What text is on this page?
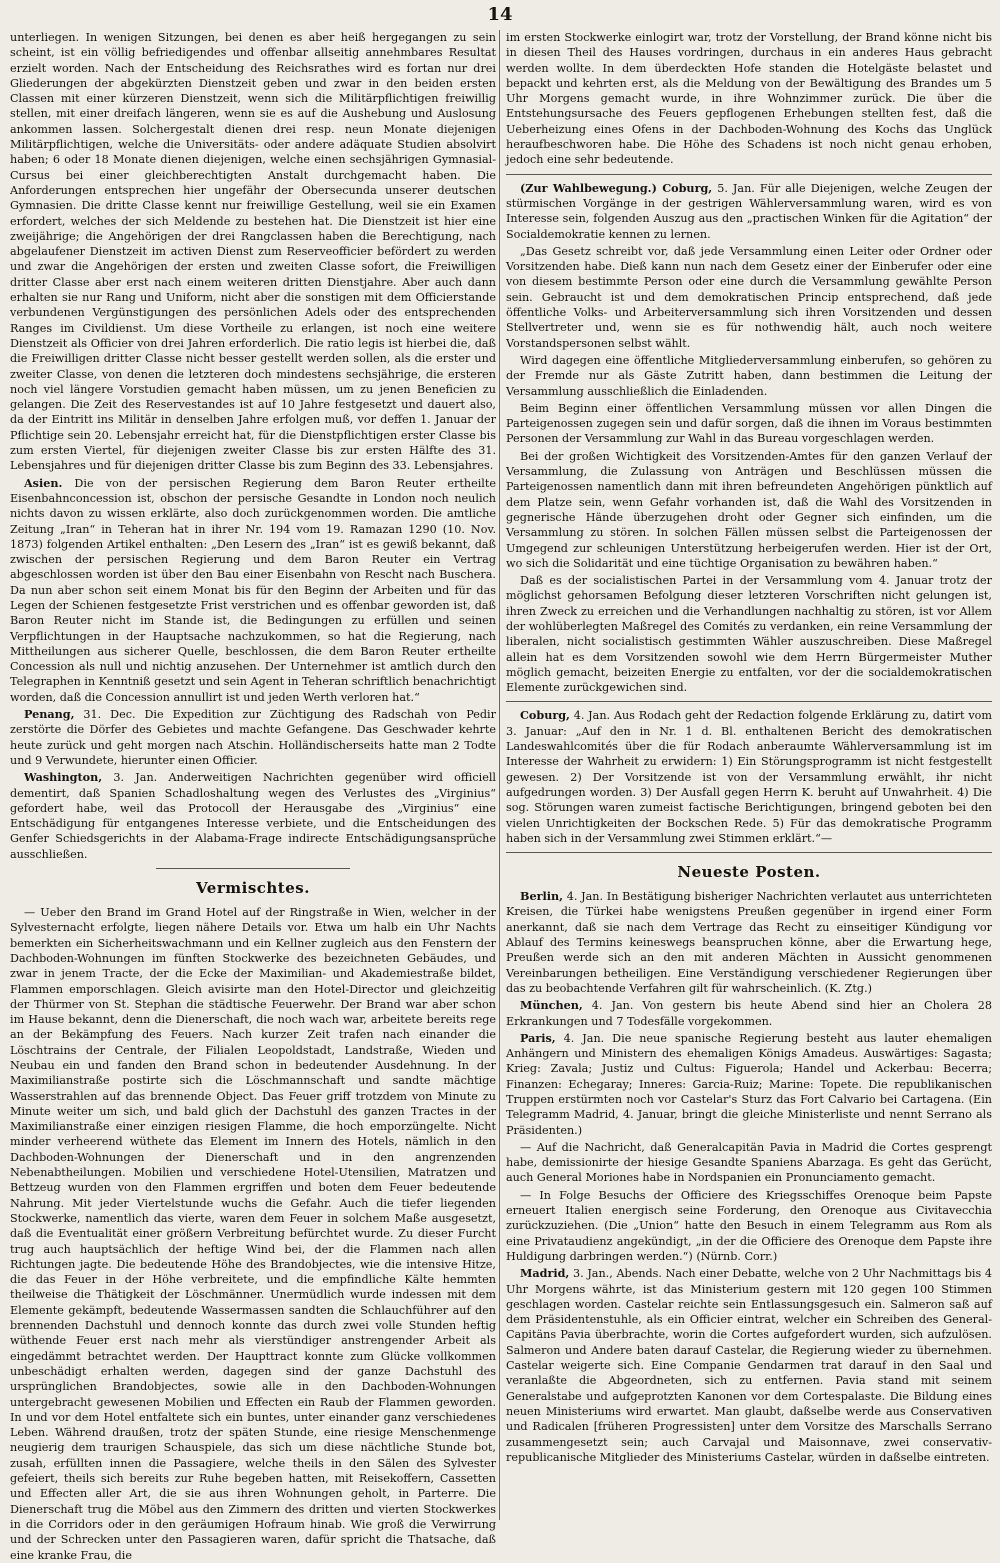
14

unterliegen. In wenigen Sitzungen, bei denen es aber heiß hergegangen zu sein scheint, ist ein völlig befriedigendes und offenbar allseitig annehmbares Resultat erzielt worden. Nach der Entscheidung des Reichsrathes wird es fortan nur drei Gliederungen der abgekürzten Dienstzeit geben und zwar in den beiden ersten Classen mit einer kürzeren Dienstzeit, wenn sich die Militärpflichtigen freiwillig stellen, mit einer dreifach längeren, wenn sie es auf die Aushebung und Auslosung ankommen lassen. Solchergestalt dienen drei resp. neun Monate diejenigen Militärpflichtigen, welche die Universitäts- oder andere adäquate Studien absolvirt haben; 6 oder 18 Monate dienen diejenigen, welche einen sechsjährigen Gymnasial-Cursus bei einer gleichberechtigten Anstalt durchgemacht haben. Die Anforderungen entsprechen hier ungefähr der Obersecunda unserer deutschen Gymnasien. Die dritte Classe kennt nur freiwillige Gestellung, weil sie ein Examen erfordert, welches der sich Meldende zu bestehen hat. Die Dienstzeit ist hier eine zweijährige; die Angehörigen der drei Rangclassen haben die Berechtigung, nach abgelaufener Dienstzeit im activen Dienst zum Reserveofficier befördert zu werden und zwar die Angehörigen der ersten und zweiten Classe sofort, die Freiwilligen dritter Classe aber erst nach einem weiteren dritten Dienstjahre. Aber auch dann erhalten sie nur Rang und Uniform, nicht aber die sonstigen mit dem Officierstande verbundenen Vergünstigungen des persönlichen Adels oder des entsprechenden Ranges im Civildienst. Um diese Vortheile zu erlangen, ist noch eine weitere Dienstzeit als Officier von drei Jahren erforderlich. Die ratio legis ist hierbei die, daß die Freiwilligen dritter Classe nicht besser gestellt werden sollen, als die erster und zweiter Classe, von denen die letzteren doch mindestens sechsjährige, die ersteren noch viel längere Vorstudien gemacht haben müssen, um zu jenen Beneficien zu gelangen. Die Zeit des Reservestandes ist auf 10 Jahre festgesetzt und dauert also, da der Eintritt ins Militär in denselben Jahre erfolgen muß, vor deffen 1. Januar der Pflichtige sein 20. Lebensjahr erreicht hat, für die Dienstpflichtigen erster Classe bis zum ersten Viertel, für diejenigen zweiter Classe bis zur ersten Hälfte des 31. Lebensjahres und für diejenigen dritter Classe bis zum Beginn des 33. Lebensjahres.

Asien. Die von der persischen Regierung dem Baron Reuter ertheilte Eisenbahnconcession ist, obschon der persische Gesandte in London noch neulich nichts davon zu wissen erklärte, also doch zurückgenommen worden. Die amtliche Zeitung „Iran“ in Teheran hat in ihrer Nr. 194 vom 19. Ramazan 1290 (10. Nov. 1873) folgenden Artikel enthalten: „Den Lesern des „Iran“ ist es gewiß bekannt, daß zwischen der persischen Regierung und dem Baron Reuter ein Vertrag abgeschlossen worden ist über den Bau einer Eisenbahn von Rescht nach Buschera. Da nun aber schon seit einem Monat bis für den Beginn der Arbeiten und für das Legen der Schienen festgesetzte Frist verstrichen und es offenbar geworden ist, daß Baron Reuter nicht im Stande ist, die Bedingungen zu erfüllen und seinen Verpflichtungen in der Hauptsache nachzukommen, so hat die Regierung, nach Mittheilungen aus sicherer Quelle, beschlossen, die dem Baron Reuter ertheilte Concession als null und nichtig anzusehen. Der Unternehmer ist amtlich durch den Telegraphen in Kenntniß gesetzt und sein Agent in Teheran schriftlich benachrichtigt worden, daß die Concession annullirt ist und jeden Werth verloren hat.“

Penang, 31. Dec. Die Expedition zur Züchtigung des Radschah von Pedir zerstörte die Dörfer des Gebietes und machte Gefangene. Das Geschwader kehrte heute zurück und geht morgen nach Atschin. Holländischerseits hatte man 2 Todte und 9 Verwundete, hierunter einen Officier.

Washington, 3. Jan. Anderweitigen Nachrichten gegenüber wird officiell dementirt, daß Spanien Schadloshaltung wegen des Verlustes des „Virginius“ gefordert habe, weil das Protocoll der Herausgabe des „Virginius“ eine Entschädigung für entgangenes Interesse verbiete, und die Entscheidungen des Genfer Schiedsgerichts in der Alabama-Frage indirecte Entschädigungsansprüche ausschließen.

Vermischtes.

— Ueber den Brand im Grand Hotel auf der Ringstraße in Wien, welcher in der Sylvesternacht erfolgte, liegen nähere Details vor. Etwa um halb ein Uhr Nachts bemerkten ein Sicherheitswachmann und ein Kellner zugleich aus den Fenstern der Dachboden-Wohnungen im fünften Stockwerke des bezeichneten Gebäudes, und zwar in jenem Tracte, der die Ecke der Maximilian- und Akademiestraße bildet, Flammen emporschlagen. Gleich avisirte man den Hotel-Director und gleichzeitig der Thürmer von St. Stephan die städtische Feuerwehr. Der Brand war aber schon im Hause bekannt, denn die Dienerschaft, die noch wach war, arbeitete bereits rege an der Bekämpfung des Feuers. Nach kurzer Zeit trafen nach einander die Löschtrains der Centrale, der Filialen Leopoldstadt, Landstraße, Wieden und Neubau ein und fanden den Brand schon in bedeutender Ausdehnung. In der Maximilianstraße postirte sich die Löschmannschaft und sandte mächtige Wasserstrahlen auf das brennende Object. Das Feuer griff trotzdem von Minute zu Minute weiter um sich, und bald glich der Dachstuhl des ganzen Tractes in der Maximilianstraße einer einzigen riesigen Flamme, die hoch emporzüngelte. Nicht minder verheerend wüthete das Element im Innern des Hotels, nämlich in den Dachboden-Wohnungen der Dienerschaft und in den angrenzenden Nebenabtheilungen. Mobilien und verschiedene Hotel-Utensilien, Matratzen und Bettzeug wurden von den Flammen ergriffen und boten dem Feuer bedeutende Nahrung. Mit jeder Viertelstunde wuchs die Gefahr. Auch die tiefer liegenden Stockwerke, namentlich das vierte, waren dem Feuer in solchem Maße ausgesetzt, daß die Eventualität einer größern Verbreitung befürchtet wurde. Zu dieser Furcht trug auch hauptsächlich der heftige Wind bei, der die Flammen nach allen Richtungen jagte. Die bedeutende Höhe des Brandobjectes, wie die intensive Hitze, die das Feuer in der Höhe verbreitete, und die empfindliche Kälte hemmten theilweise die Thätigkeit der Löschmänner. Unermüdlich wurde indessen mit dem Elemente gekämpft, bedeutende Wassermassen sandten die Schlauchführer auf den brennenden Dachstuhl und dennoch konnte das durch zwei volle Stunden heftig wüthende Feuer erst nach mehr als vierstündiger anstrengender Arbeit als eingedämmt betrachtet werden. Der Haupttract konnte zum Glücke vollkommen unbeschädigt erhalten werden, dagegen sind der ganze Dachstuhl des ursprünglichen Brandobjectes, sowie alle in den Dachboden-Wohnungen untergebracht gewesenen Mobilien und Effecten ein Raub der Flammen geworden. In und vor dem Hotel entfaltete sich ein buntes, unter einander ganz verschiedenes Leben. Während draußen, trotz der späten Stunde, eine riesige Menschenmenge neugierig dem traurigen Schauspiele, das sich um diese nächtliche Stunde bot, zusah, erfüllten innen die Passagiere, welche theils in den Sälen des Sylvester gefeiert, theils sich bereits zur Ruhe begeben hatten, mit Reisekoffern, Cassetten und Effecten aller Art, die sie aus ihren Wohnungen geholt, in Parterre. Die Dienerschaft trug die Möbel aus den Zimmern des dritten und vierten Stockwerkes in die Corridors oder in den geräumigen Hofraum hinab. Wie groß die Verwirrung und der Schrecken unter den Passagieren waren, dafür spricht die Thatsache, daß eine kranke Frau, die

im ersten Stockwerke einlogirt war, trotz der Vorstellung, der Brand könne nicht bis in diesen Theil des Hauses vordringen, durchaus in ein anderes Haus gebracht werden wollte. In dem überdeckten Hofe standen die Hotelgäste belastet und bepackt und kehrten erst, als die Meldung von der Bewältigung des Brandes um 5 Uhr Morgens gemacht wurde, in ihre Wohnzimmer zurück. Die über die Entstehungsursache des Feuers gepflogenen Erhebungen stellten fest, daß die Ueberheizung eines Ofens in der Dachboden-Wohnung des Kochs das Unglück heraufbeschworen habe. Die Höhe des Schadens ist noch nicht genau erhoben, jedoch eine sehr bedeutende.

(Zur Wahlbewegung.) Coburg, 5. Jan. Für alle Diejenigen, welche Zeugen der stürmischen Vorgänge in der gestrigen Wählerversammlung waren, wird es von Interesse sein, folgenden Auszug aus den „practischen Winken für die Agitation“ der Socialdemokratie kennen zu lernen.

„Das Gesetz schreibt vor, daß jede Versammlung einen Leiter oder Ordner oder Vorsitzenden habe. Dieß kann nun nach dem Gesetz einer der Einberufer oder eine von diesem bestimmte Person oder eine durch die Versammlung gewählte Person sein. Gebraucht ist und dem demokratischen Princip entsprechend, daß jede öffentliche Volks- und Arbeiterversammlung sich ihren Vorsitzenden und dessen Stellvertreter und, wenn sie es für nothwendig hält, auch noch weitere Vorstandspersonen selbst wählt.

Wird dagegen eine öffentliche Mitgliederversammlung einberufen, so gehören zu der Fremde nur als Gäste Zutritt haben, dann bestimmen die Leitung der Versammlung ausschließlich die Einladenden.

Beim Beginn einer öffentlichen Versammlung müssen vor allen Dingen die Parteigenossen zugegen sein und dafür sorgen, daß die ihnen im Voraus bestimmten Personen der Versammlung zur Wahl in das Bureau vorgeschlagen werden.

Bei der großen Wichtigkeit des Vorsitzenden-Amtes für den ganzen Verlauf der Versammlung, die Zulassung von Anträgen und Beschlüssen müssen die Parteigenossen namentlich dann mit ihren befreundeten Angehörigen pünktlich auf dem Platze sein, wenn Gefahr vorhanden ist, daß die Wahl des Vorsitzenden in gegnerische Hände überzugehen droht oder Gegner sich einfinden, um die Versammlung zu stören. In solchen Fällen müssen selbst die Parteigenossen der Umgegend zur schleunigen Unterstützung herbeigerufen werden. Hier ist der Ort, wo sich die Solidarität und eine tüchtige Organisation zu bewähren haben.“

Daß es der socialistischen Partei in der Versammlung vom 4. Januar trotz der möglichst gehorsamen Befolgung dieser letzteren Vorschriften nicht gelungen ist, ihren Zweck zu erreichen und die Verhandlungen nachhaltig zu stören, ist vor Allem der wohlüberlegten Maßregel des Comités zu verdanken, ein reine Versammlung der liberalen, nicht socialistisch gestimmten Wähler auszuschreiben. Diese Maßregel allein hat es dem Vorsitzenden sowohl wie dem Herrn Bürgermeister Muther möglich gemacht, beizeiten Energie zu entfalten, vor der die socialdemokratischen Elemente zurückgewichen sind.

Coburg, 4. Jan. Aus Rodach geht der Redaction folgende Erklärung zu, datirt vom 3. Januar: „Auf den in Nr. 1 d. Bl. enthaltenen Bericht des demokratischen Landeswahlcomités über die für Rodach anberaumte Wählerversammlung ist im Interesse der Wahrheit zu erwidern: 1) Ein Störungsprogramm ist nicht festgestellt gewesen. 2) Der Vorsitzende ist von der Versammlung erwählt, ihr nicht aufgedrungen worden. 3) Der Ausfall gegen Herrn K. beruht auf Unwahrheit. 4) Die sog. Störungen waren zumeist factische Berichtigungen, bringend geboten bei den vielen Unrichtigkeiten der Bockschen Rede. 5) Für das demokratische Programm haben sich in der Versammlung zwei Stimmen erklärt.“—

Neueste Posten.

Berlin, 4. Jan. In Bestätigung bisheriger Nachrichten verlautet aus unterrichteten Kreisen, die Türkei habe wenigstens Preußen gegenüber in irgend einer Form anerkannt, daß sie nach dem Vertrage das Recht zu einseitiger Kündigung vor Ablauf des Termins keineswegs beanspruchen könne, aber die Erwartung hege, Preußen werde sich an den mit anderen Mächten in Aussicht genommenen Vereinbarungen betheiligen. Eine Verständigung verschiedener Regierungen über das zu beobachtende Verfahren gilt für wahrscheinlich. (K. Ztg.)

München, 4. Jan. Von gestern bis heute Abend sind hier an Cholera 28 Erkrankungen und 7 Todesfälle vorgekommen.

Paris, 4. Jan. Die neue spanische Regierung besteht aus lauter ehemaligen Anhängern und Ministern des ehemaligen Königs Amadeus. Auswärtiges: Sagasta; Krieg: Zavala; Justiz und Cultus: Figuerola; Handel und Ackerbau: Becerra; Finanzen: Echegaray; Inneres: Garcia-Ruiz; Marine: Topete. Die republikanischen Truppen erstürmten noch vor Castelar's Sturz das Fort Calvario bei Cartagena. (Ein Telegramm Madrid, 4. Januar, bringt die gleiche Ministerliste und nennt Serrano als Präsidenten.)

— Auf die Nachricht, daß Generalcapitän Pavia in Madrid die Cortes gesprengt habe, demissionirte der hiesige Gesandte Spaniens Abarzaga. Es geht das Gerücht, auch General Moriones habe in Nordspanien ein Pronunciamento gemacht.

— In Folge Besuchs der Officiere des Kriegsschiffes Orenoque beim Papste erneuert Italien energisch seine Forderung, den Orenoque aus Civitavecchia zurückzuziehen. (Die „Union“ hatte den Besuch in einem Telegramm aus Rom als eine Privataudienz angekündigt, „in der die Officiere des Orenoque dem Papste ihre Huldigung darbringen werden.“) (Nürnb. Corr.)

Madrid, 3. Jan., Abends. Nach einer Debatte, welche von 2 Uhr Nachmittags bis 4 Uhr Morgens währte, ist das Ministerium gestern mit 120 gegen 100 Stimmen geschlagen worden. Castelar reichte sein Entlassungsgesuch ein. Salmeron saß auf dem Präsidentenstuhle, als ein Officier eintrat, welcher ein Schreiben des General-Capitäns Pavia überbrachte, worin die Cortes aufgefordert wurden, sich aufzulösen. Salmeron und Andere baten darauf Castelar, die Regierung wieder zu übernehmen. Castelar weigerte sich. Eine Companie Gendarmen trat darauf in den Saal und veranlaßte die Abgeordneten, sich zu entfernen. Pavia stand mit seinem Generalstabe und aufgeprotzten Kanonen vor dem Cortespalaste. Die Bildung eines neuen Ministeriums wird erwartet. Man glaubt, daßselbe werde aus Conservativen und Radicalen [früheren Progressisten] unter dem Vorsitze des Marschalls Serrano zusammengesetzt sein; auch Carvajal und Maisonnave, zwei conservativ-republicanische Mitglieder des Ministeriums Castelar, würden in daßselbe eintreten.
